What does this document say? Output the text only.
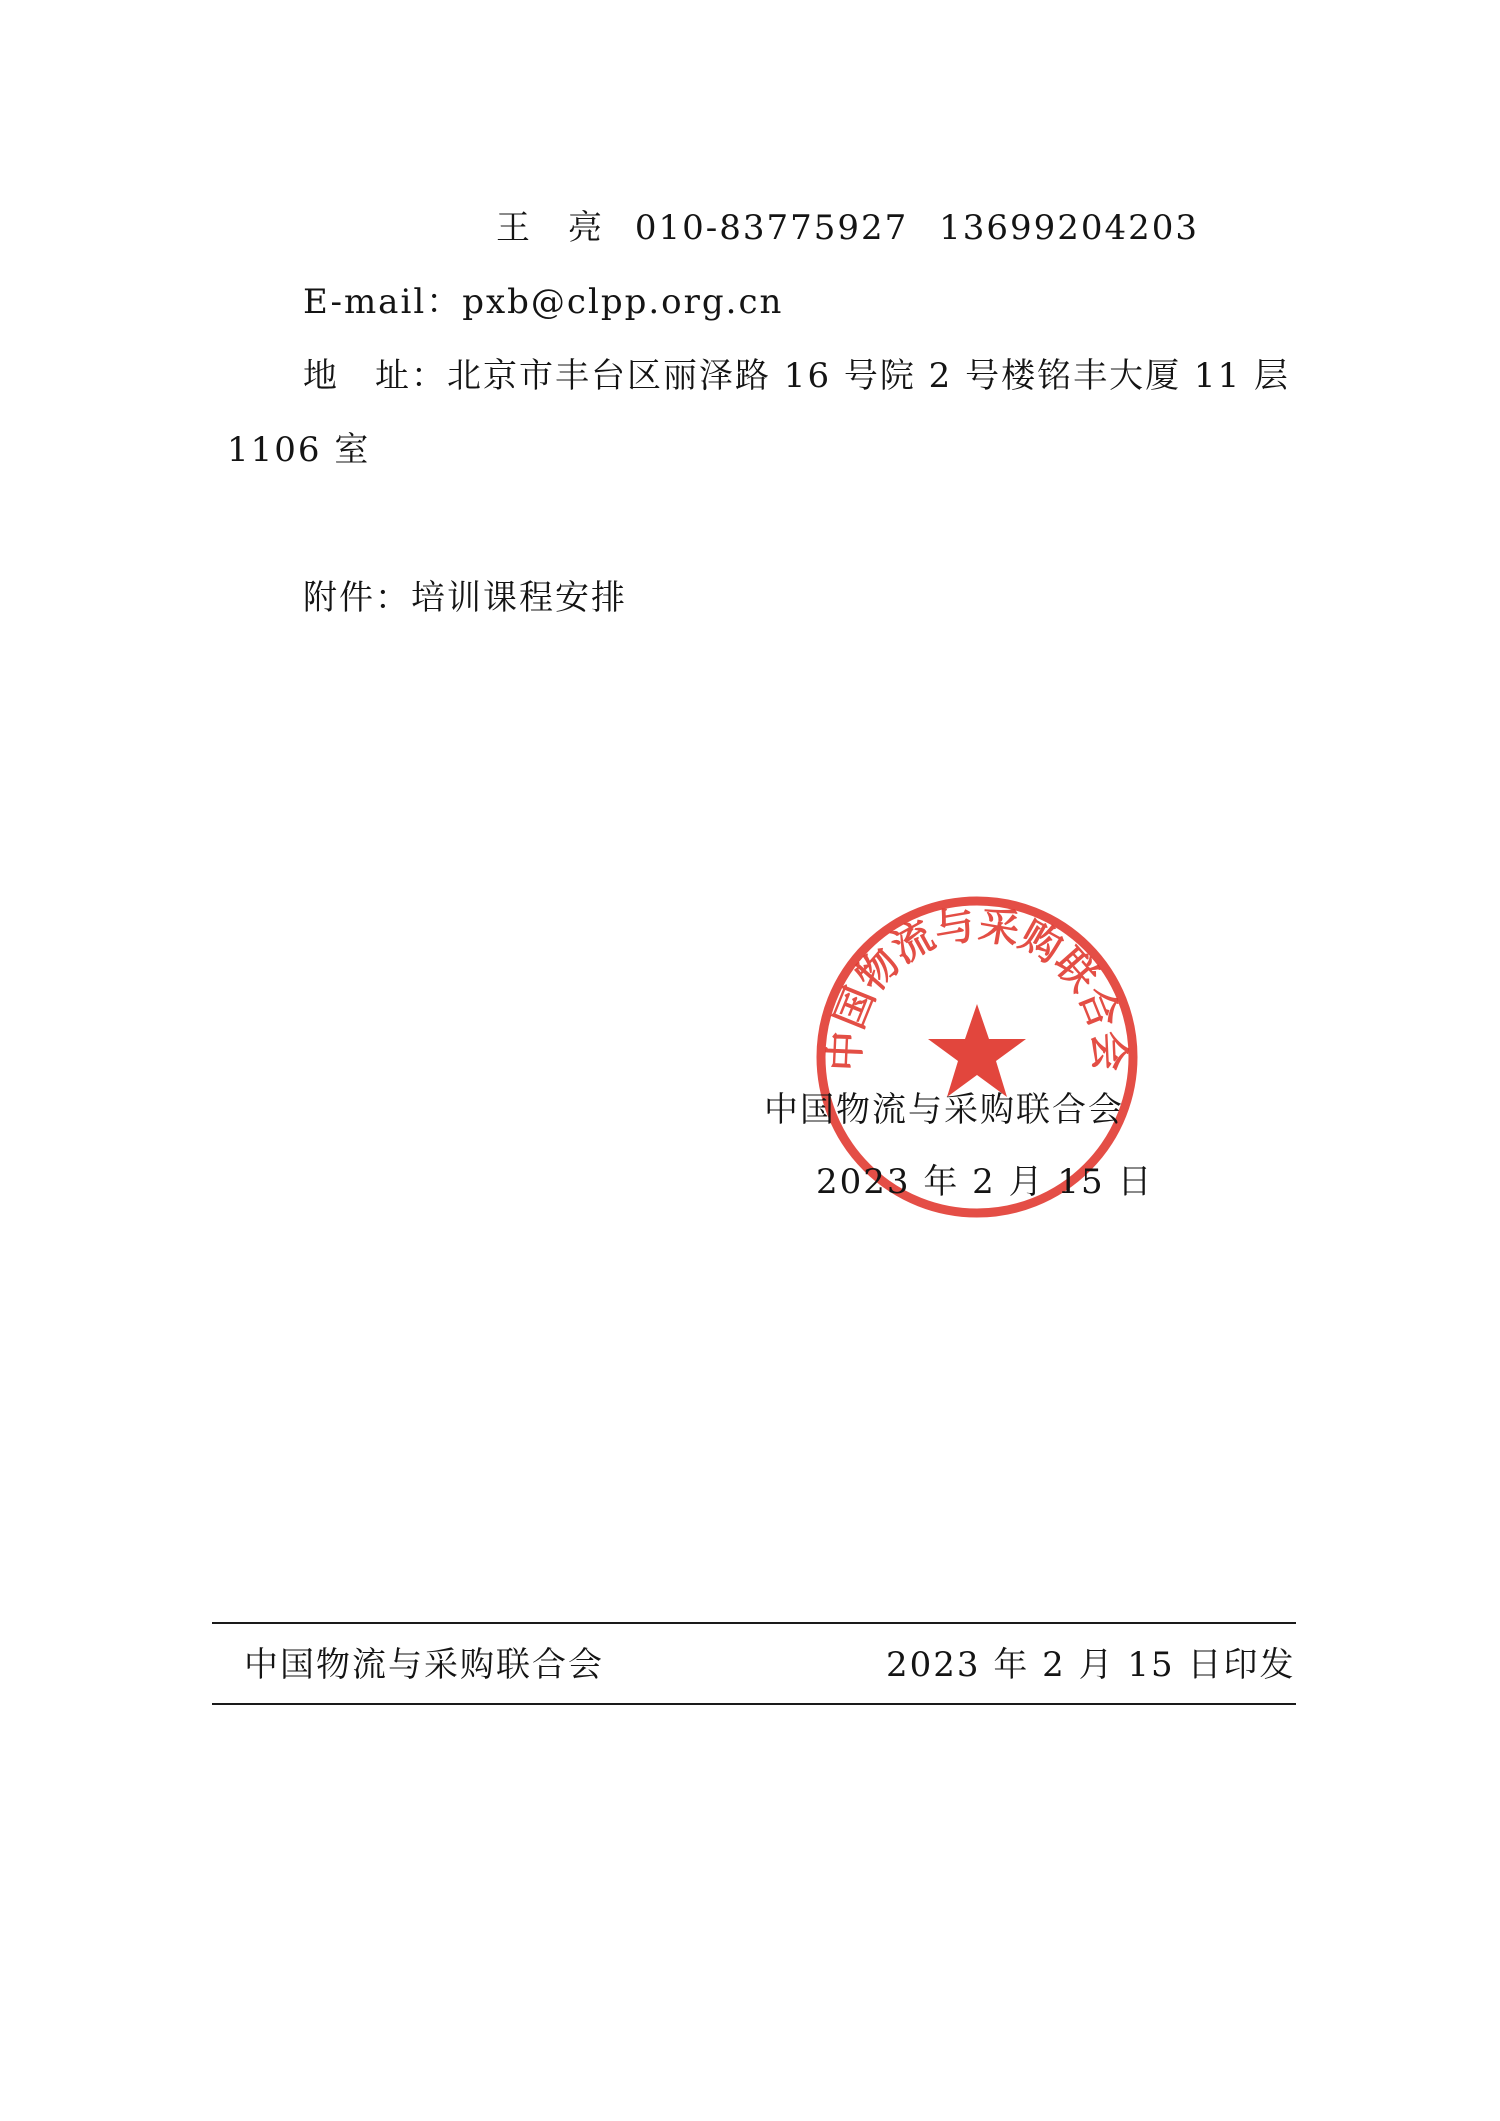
王　亮 010-83775927 13699204203
E-mail：pxb@clpp.org.cn
地　址：北京市丰台区丽泽路 16 号院 2 号楼铭丰大厦 11 层
1106 室
附件：培训课程安排
中国物流与采购联合会
中国物流与采购联合会
2023 年 2 月 15 日
中国物流与采购联合会	2023 年 2 月 15 日印发
